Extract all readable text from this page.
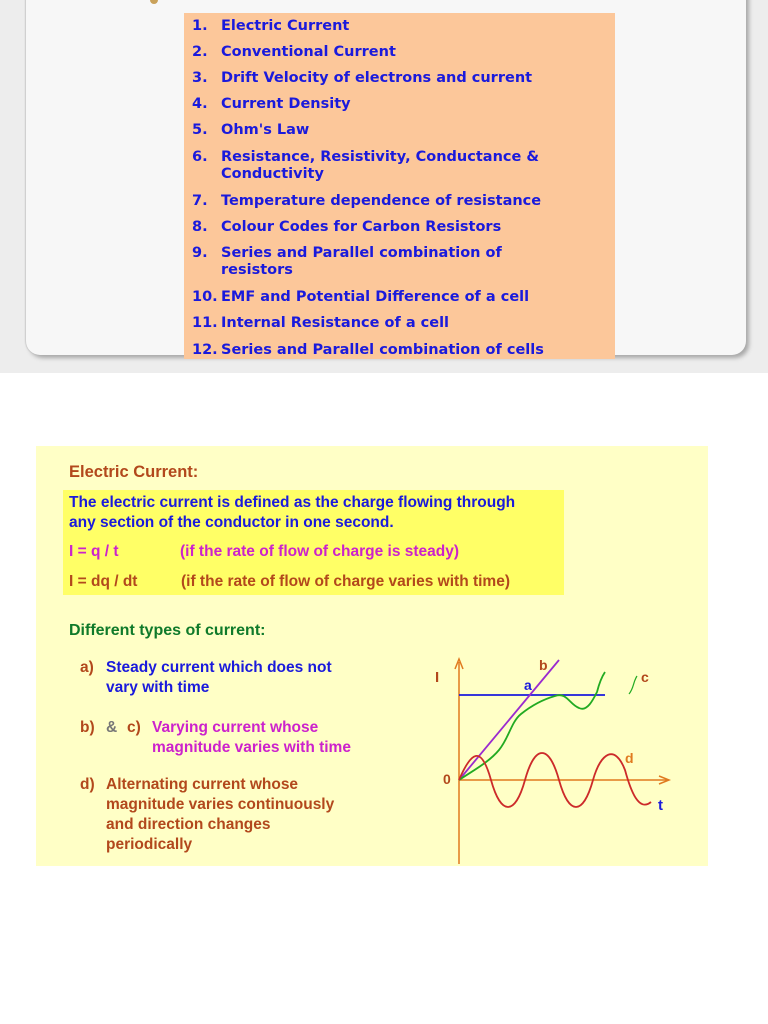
1. Electric Current
2. Conventional Current
3. Drift Velocity of electrons and current
4. Current Density
5. Ohm's Law
6. Resistance, Resistivity, Conductance &
Conductivity
7. Temperature dependence of resistance
8. Colour Codes for Carbon Resistors
9. Series and Parallel combination of
resistors
10. EMF and Potential Difference of a cell
11. Internal Resistance of a cell
12. Series and Parallel combination of cells
Electric Current:
The electric current is defined as the charge flowing through
any section of the conductor in one second.
I = q / t	(if the rate of flow of charge is steady)
I = dq / dt	(if the rate of flow of charge varies with time)
Different types of current:
a) Steady current which does not
vary with time
b) & c) Varying current whose
magnitude varies with time
d) Alternating current whose
magnitude varies continuously
and direction changes
periodically
I
t
0
a
b
c
d
